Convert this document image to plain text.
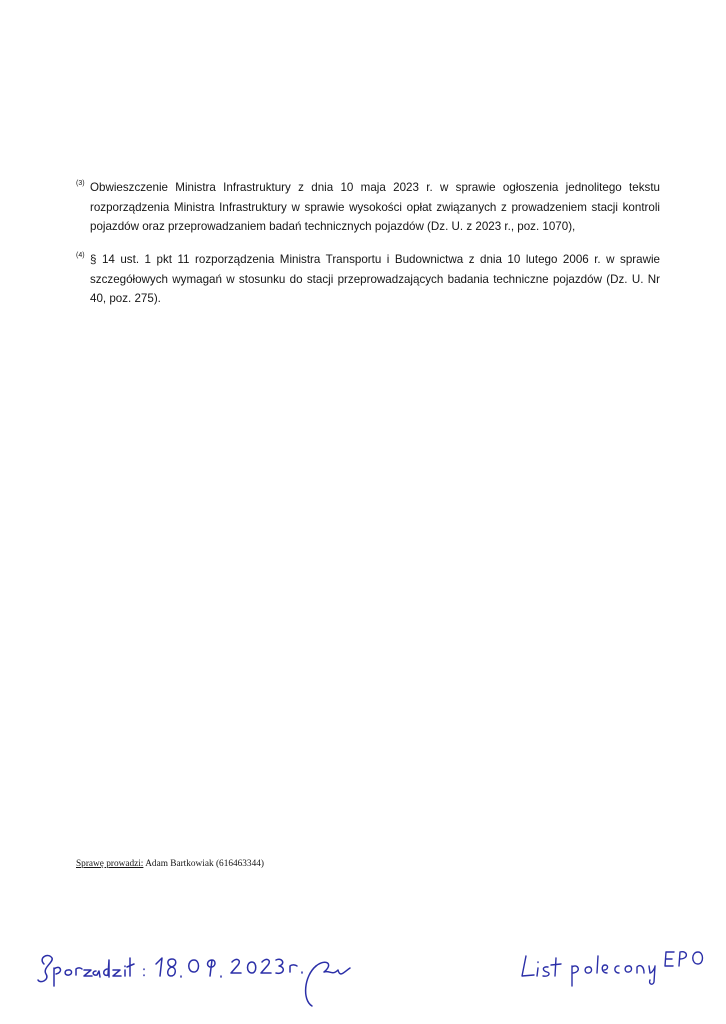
(3) Obwieszczenie Ministra Infrastruktury z dnia 10 maja 2023 r. w sprawie ogłoszenia jednolitego tekstu rozporządzenia Ministra Infrastruktury w sprawie wysokości opłat związanych z prowadzeniem stacji kontroli pojazdów oraz przeprowadzaniem badań technicznych pojazdów (Dz. U. z 2023 r., poz. 1070),
(4) § 14 ust. 1 pkt 11 rozporządzenia Ministra Transportu i Budownictwa z dnia 10 lutego 2006 r. w sprawie szczegółowych wymagań w stosunku do stacji przeprowadzających badania techniczne pojazdów (Dz. U. Nr 40, poz. 275).
Sprawę prowadzi: Adam Bartkowiak (616463344)
